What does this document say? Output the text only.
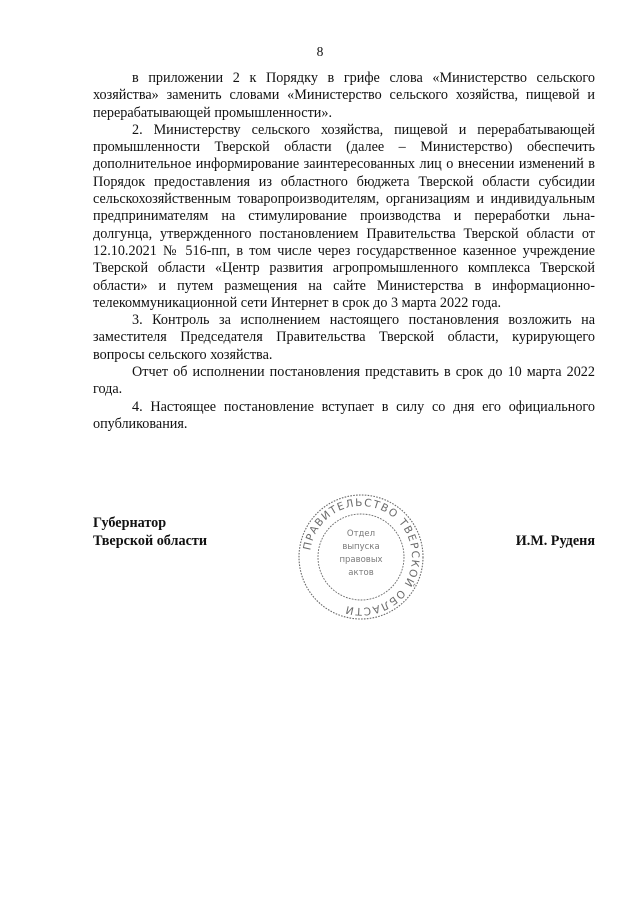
8

в приложении 2 к Порядку в грифе слова «Министерство сельского хозяйства» заменить словами «Министерство сельского хозяйства, пищевой и перерабатывающей промышленности».

2. Министерству сельского хозяйства, пищевой и перерабатывающей промышленности Тверской области (далее – Министерство) обеспечить дополнительное информирование заинтересованных лиц о внесении изменений в Порядок предоставления из областного бюджета Тверской области субсидии сельскохозяйственным товаропроизводителям, организациям и индивидуальным предпринимателям на стимулирование производства и переработки льна-долгунца, утвержденного постановлением Правительства Тверской области от 12.10.2021 № 516-пп, в том числе через государственное казенное учреждение Тверской области «Центр развития агропромышленного комплекса Тверской области» и путем размещения на сайте Министерства в информационно-телекоммуникационной сети Интернет в срок до 3 марта 2022 года.

3. Контроль за исполнением настоящего постановления возложить на заместителя Председателя Правительства Тверской области, курирующего вопросы сельского хозяйства.

Отчет об исполнении постановления представить в срок до 10 марта 2022 года.

4. Настоящее постановление вступает в силу со дня его официального опубликования.

Губернатор
Тверской области	ПРАВИТЕЛЬСТВО ТВЕРСКОЙ ОБЛАСТИ
Отдел
выпуска
правовых
актов
И.М. Руденя
